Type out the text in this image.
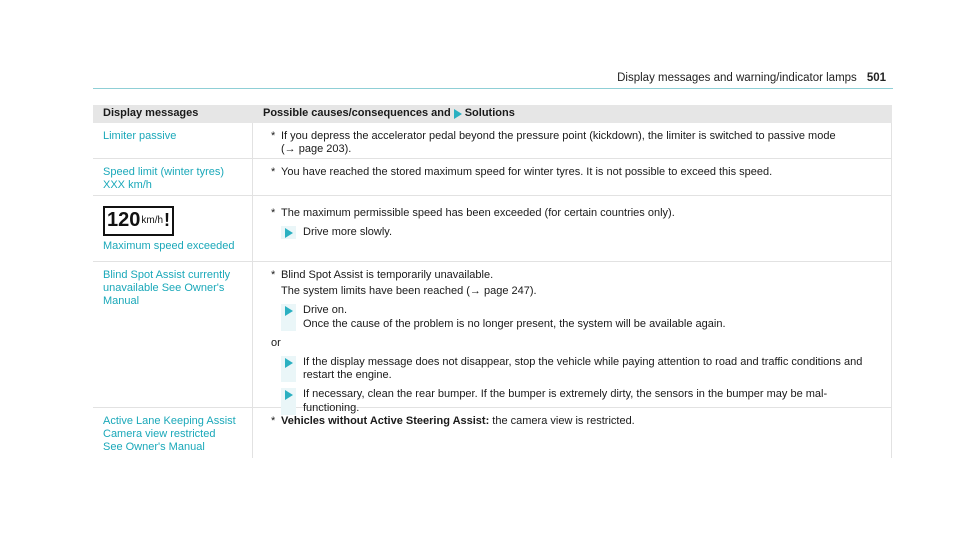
Display messages and warning/indicator lamps 501
Display messages	Possible causes/consequences and Solutions
Limiter passive	* If you depress the accelerator pedal beyond the pressure point (kickdown), the limiter is switched to passive mode
(→ page 203).
Speed limit (winter tyres)
XXX km/h
* You have reached the stored maximum speed for winter tyres. It is not possible to exceed this speed.
120 km/h !
Maximum speed exceeded
* The maximum permissible speed has been exceeded (for certain countries only).
Drive more slowly.
Blind Spot Assist currently
unavailable See Owner's
Manual
* Blind Spot Assist is temporarily unavailable.
The system limits have been reached (→ page 247).
Drive on.
Once the cause of the problem is no longer present, the system will be available again.
or
If the display message does not disappear, stop the vehicle while paying attention to road and traffic conditions and restart the engine.
If necessary, clean the rear bumper. If the bumper is extremely dirty, the sensors in the bumper may be mal-functioning.
Active Lane Keeping Assist
Camera view restricted
See Owner's Manual
* Vehicles without Active Steering Assist: the camera view is restricted.
